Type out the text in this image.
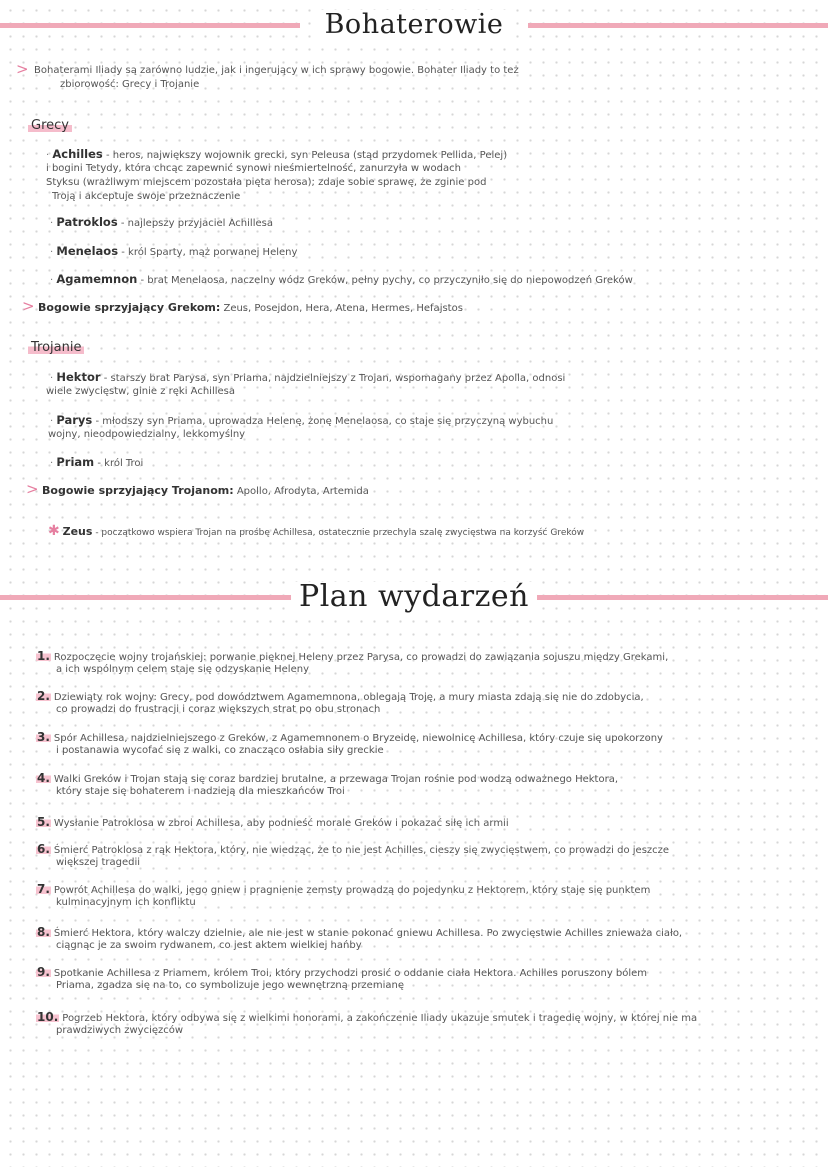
Bohaterowie
> Bohaterami Iliady są zarówno ludzie, jak i ingerujący w ich sprawy bogowie. Bohater Iliady to też
zbiorowość: Grecy i Trojanie
Grecy
· Achilles - heros, największy wojownik grecki, syn Peleusa (stąd przydomek Pellida, Pelej)
i bogini Tetydy, która chcąc zapewnić synowi nieśmiertelność, zanurzyła w wodach
Styksu (wrażliwym miejscem pozostała pięta herosa); zdaje sobie sprawę, że zginie pod
Troją i akceptuje swoje przeznaczenie
· Patroklos - najlepszy przyjaciel Achillesa
· Menelaos - król Sparty, mąż porwanej Heleny
· Agamemnon - brat Menelaosa, naczelny wódz Greków, pełny pychy, co przyczyniło się do niepowodzeń Greków
> Bogowie sprzyjający Grekom: Zeus, Posejdon, Hera, Atena, Hermes, Hefajstos
Trojanie
· Hektor - starszy brat Parysa, syn Priama, najdzielniejszy z Trojan, wspomagany przez Apolla, odnosi
wiele zwycięstw, ginie z ręki Achillesa
· Parys - młodszy syn Priama, uprowadza Helenę, żonę Menelaosa, co staje się przyczyną wybuchu
wojny, nieodpowiedzialny, lekkomyślny
· Priam - król Troi
> Bogowie sprzyjający Trojanom: Apollo, Afrodyta, Artemida
✱ Zeus - początkowo wspiera Trojan na prośbę Achillesa, ostatecznie przechyla szalę zwycięstwa na korzyść Greków
Plan wydarzeń
1. Rozpoczęcie wojny trojańskiej: porwanie pięknej Heleny przez Parysa, co prowadzi do zawiązania sojuszu między Grekami,
a ich wspólnym celem staje się odzyskanie Heleny
2. Dziewiąty rok wojny: Grecy, pod dowództwem Agamemnona, oblegają Troję, a mury miasta zdają się nie do zdobycia,
co prowadzi do frustracji i coraz większych strat po obu stronach
3. Spór Achillesa, najdzielniejszego z Greków, z Agamemnonem o Bryzeidę, niewolnicę Achillesa, który czuje się upokorzony
i postanawia wycofać się z walki, co znacząco osłabia siły greckie
4. Walki Greków i Trojan stają się coraz bardziej brutalne, a przewaga Trojan rośnie pod wodzą odważnego Hektora,
który staje się bohaterem i nadzieją dla mieszkańców Troi
5. Wysłanie Patroklosa w zbroi Achillesa, aby podnieść morale Greków i pokazać siłę ich armii
6. Śmierć Patroklosa z rąk Hektora, który, nie wiedząc, że to nie jest Achilles, cieszy się zwycięstwem, co prowadzi do jeszcze
większej tragedii
7. Powrót Achillesa do walki, jego gniew i pragnienie zemsty prowadzą do pojedynku z Hektorem, który staje się punktem
kulminacyjnym ich konfliktu
8. Śmierć Hektora, który walczy dzielnie, ale nie jest w stanie pokonać gniewu Achillesa. Po zwycięstwie Achilles znieważa ciało,
ciągnąc je za swoim rydwanem, co jest aktem wielkiej hańby
9. Spotkanie Achillesa z Priamem, królem Troi, który przychodzi prosić o oddanie ciała Hektora. Achilles poruszony bólem
Priama, zgadza się na to, co symbolizuje jego wewnętrzną przemianę
10. Pogrzeb Hektora, który odbywa się z wielkimi honorami, a zakończenie Iliady ukazuje smutek i tragedię wojny, w której nie ma
prawdziwych zwycięzców
